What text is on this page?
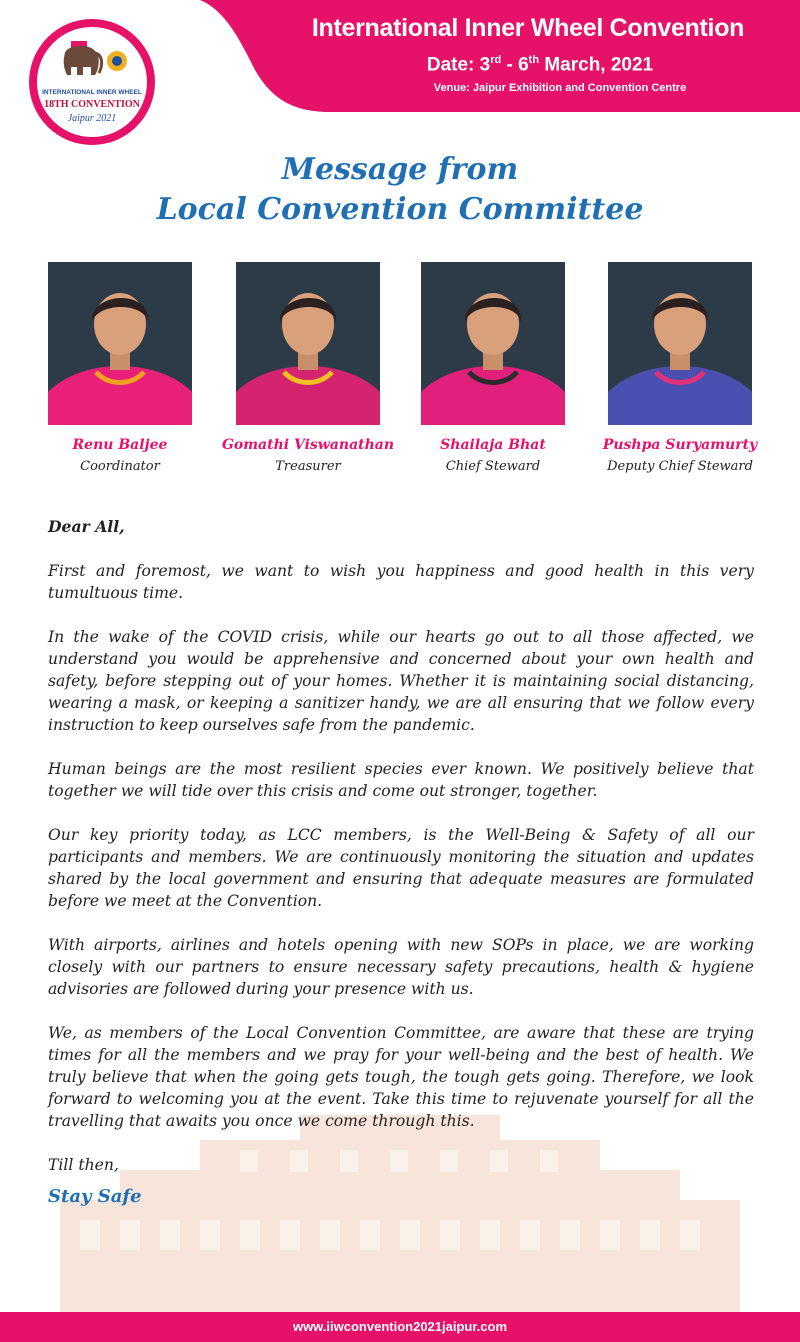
International Inner Wheel Convention
Date: 3rd - 6th March, 2021
Venue: Jaipur Exhibition and Convention Centre
INTERNATIONAL INNER WHEEL
18TH CONVENTION
Jaipur 2021
Message from
Local Convention Committee
Renu Baljee
Coordinator
Gomathi Viswanathan
Treasurer
Shailaja Bhat
Chief Steward
Pushpa Suryamurty
Deputy Chief Steward

Dear All,

First and foremost, we want to wish you happiness and good health in this very tumultuous time.

In the wake of the COVID crisis, while our hearts go out to all those affected, we understand you would be apprehensive and concerned about your own health and safety, before stepping out of your homes. Whether it is maintaining social distancing, wearing a mask, or keeping a sanitizer handy, we are all ensuring that we follow every instruction to keep ourselves safe from the pandemic.

Human beings are the most resilient species ever known. We positively believe that together we will tide over this crisis and come out stronger, together.

Our key priority today, as LCC members, is the Well-Being & Safety of all our participants and members. We are continuously monitoring the situation and updates shared by the local government and ensuring that adequate measures are formulated before we meet at the Convention.

With airports, airlines and hotels opening with new SOPs in place, we are working closely with our partners to ensure necessary safety precautions, health & hygiene advisories are followed during your presence with us.

We, as members of the Local Convention Committee, are aware that these are trying times for all the members and we pray for your well-being and the best of health. We truly believe that when the going gets tough, the tough gets going. Therefore, we look forward to welcoming you at the event. Take this time to rejuvenate yourself for all the travelling that awaits you once we come through this.

Till then,

Stay Safe

www.iiwconvention2021jaipur.com
